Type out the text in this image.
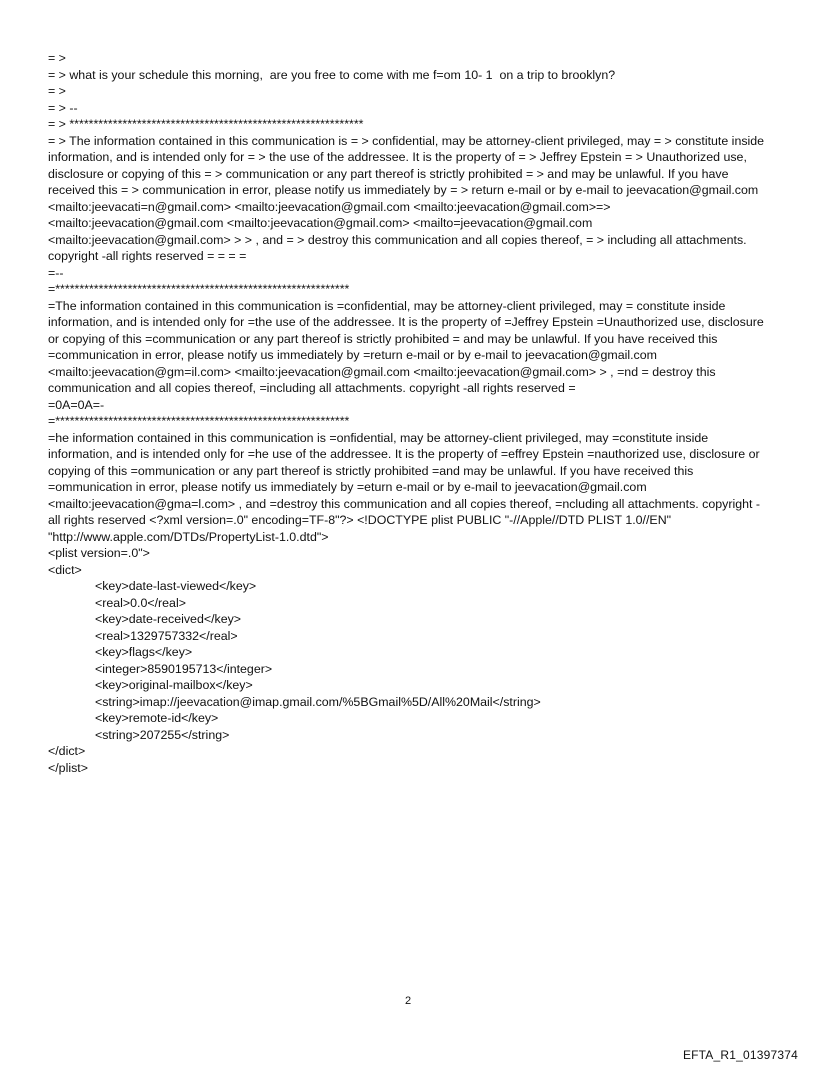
= >
= > what is your schedule this morning,  are you free to come with me f=om 10- 1  on a trip to brooklyn?
= >
= > --
= > *************************************************************

= > The information contained in this communication is = > confidential, may be attorney-client privileged, may = > constitute inside information, and is intended only for = > the use of the addressee. It is the property of = > Jeffrey Epstein = > Unauthorized use, disclosure or copying of this = > communication or any part thereof is strictly prohibited = > and may be unlawful. If you have received this = > communication in error, please notify us immediately by = > return e-mail or by e-mail to jeevacation@gmail.com <mailto:jeevacati=n@gmail.com> <mailto:jeevacation@gmail.com <mailto:jeevacation@gmail.com>=> <mailto:jeevacation@gmail.com <mailto:jeevacation@gmail.com> <mailto=jeevacation@gmail.com <mailto:jeevacation@gmail.com> > > , and = > destroy this communication and all copies thereof, = > including all attachments. copyright -all rights reserved = = = =

=--
=*************************************************************

=The information contained in this communication is =confidential, may be attorney-client privileged, may = constitute inside information, and is intended only for =the use of the addressee. It is the property of =Jeffrey Epstein =Unauthorized use, disclosure or copying of this =communication or any part thereof is strictly prohibited = and may be unlawful. If you have received this =communication in error, please notify us immediately by =return e-mail or by e-mail to jeevacation@gmail.com <mailto:jeevacation@gm=il.com> <mailto:jeevacation@gmail.com <mailto:jeevacation@gmail.com> > , =nd = destroy this communication and all copies thereof, =including all attachments. copyright -all rights reserved =

=0A=0A=-
=*************************************************************

=he information contained in this communication is =onfidential, may be attorney-client privileged, may =constitute inside information, and is intended only for =he use of the addressee. It is the property of =effrey Epstein =nauthorized use, disclosure or copying of this =ommunication or any part thereof is strictly prohibited =and may be unlawful. If you have received this =ommunication in error, please notify us immediately by =eturn e-mail or by e-mail to jeevacation@gmail.com <mailto:jeevacation@gma=l.com> , and =destroy this communication and all copies thereof, =ncluding all attachments. copyright -all rights reserved <?xml version=.0" encoding=TF-8"?> <!DOCTYPE plist PUBLIC "-//Apple//DTD PLIST 1.0//EN" "http://www.apple.com/DTDs/PropertyList-1.0.dtd">

<plist version=.0">
<dict>
<key>date-last-viewed</key>
<real>0.0</real>
<key>date-received</key>
<real>1329757332</real>
<key>flags</key>
<integer>8590195713</integer>
<key>original-mailbox</key>
<string>imap://jeevacation@imap.gmail.com/%5BGmail%5D/All%20Mail</string>
<key>remote-id</key>
<string>207255</string>
</dict>
</plist>
2
EFTA_R1_01397374
